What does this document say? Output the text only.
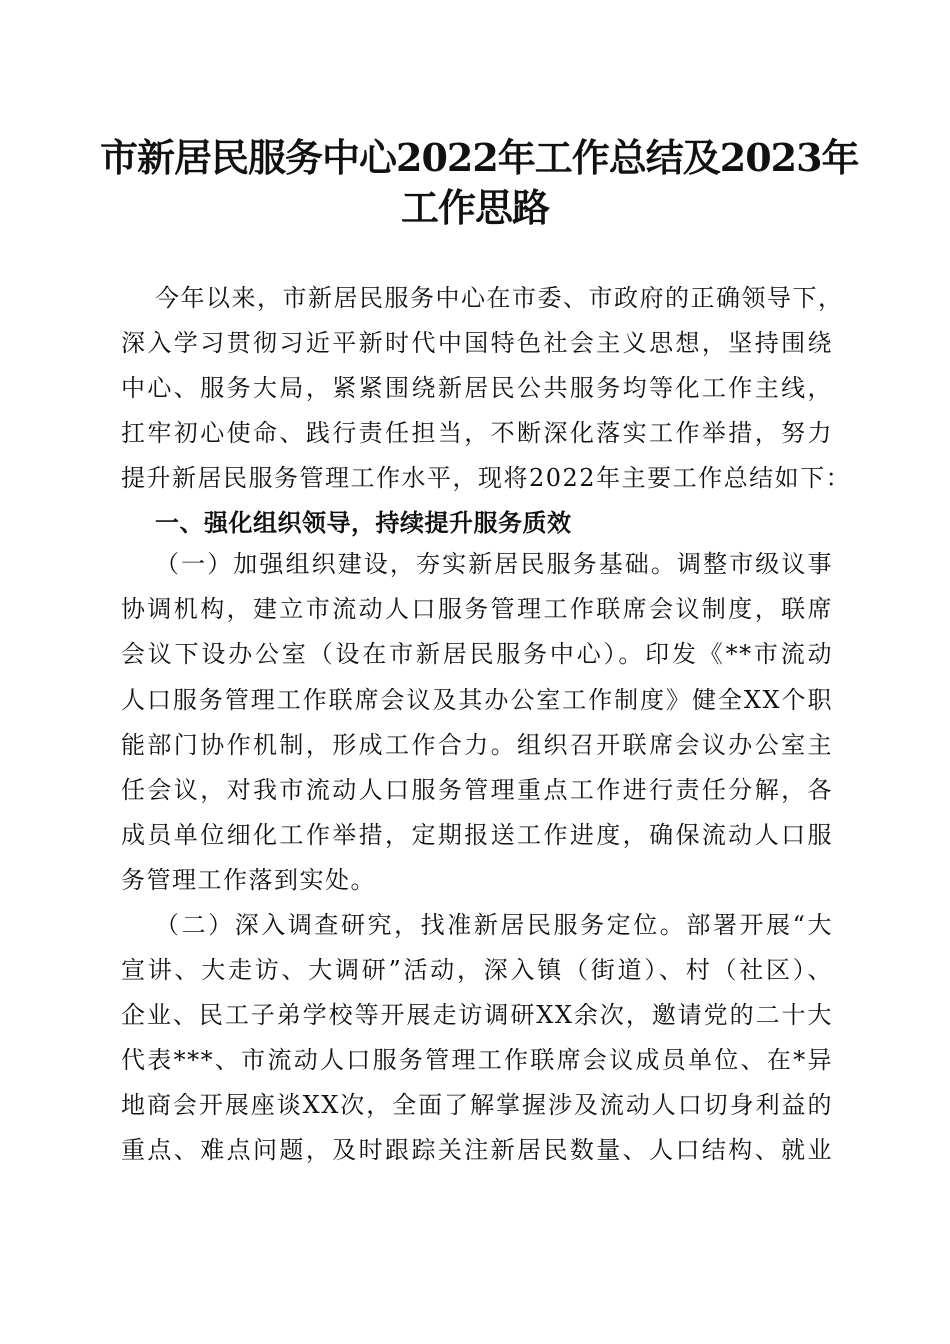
市新居民服务中心2022年工作总结及2023年
工作思路
今年以来，市新居民服务中心在市委、市政府的正确领导下，
深入学习贯彻习近平新时代中国特色社会主义思想，坚持围绕
中心、服务大局，紧紧围绕新居民公共服务均等化工作主线，
扛牢初心使命、践行责任担当，不断深化落实工作举措，努力
提升新居民服务管理工作水平，现将2022年主要工作总结如下：
一、强化组织领导，持续提升服务质效
（一）加强组织建设，夯实新居民服务基础。调整市级议事
协调机构，建立市流动人口服务管理工作联席会议制度，联席
会议下设办公室（设在市新居民服务中心）。印发《**市流动
人口服务管理工作联席会议及其办公室工作制度》健全XX个职
能部门协作机制，形成工作合力。组织召开联席会议办公室主
任会议，对我市流动人口服务管理重点工作进行责任分解，各
成员单位细化工作举措，定期报送工作进度，确保流动人口服
务管理工作落到实处。
（二）深入调查研究，找准新居民服务定位。部署开展“大
宣讲、大走访、大调研”活动，深入镇（街道）、村（社区）、
企业、民工子弟学校等开展走访调研XX余次，邀请党的二十大
代表***、市流动人口服务管理工作联席会议成员单位、在*异
地商会开展座谈XX次，全面了解掌握涉及流动人口切身利益的
重点、难点问题，及时跟踪关注新居民数量、人口结构、就业
